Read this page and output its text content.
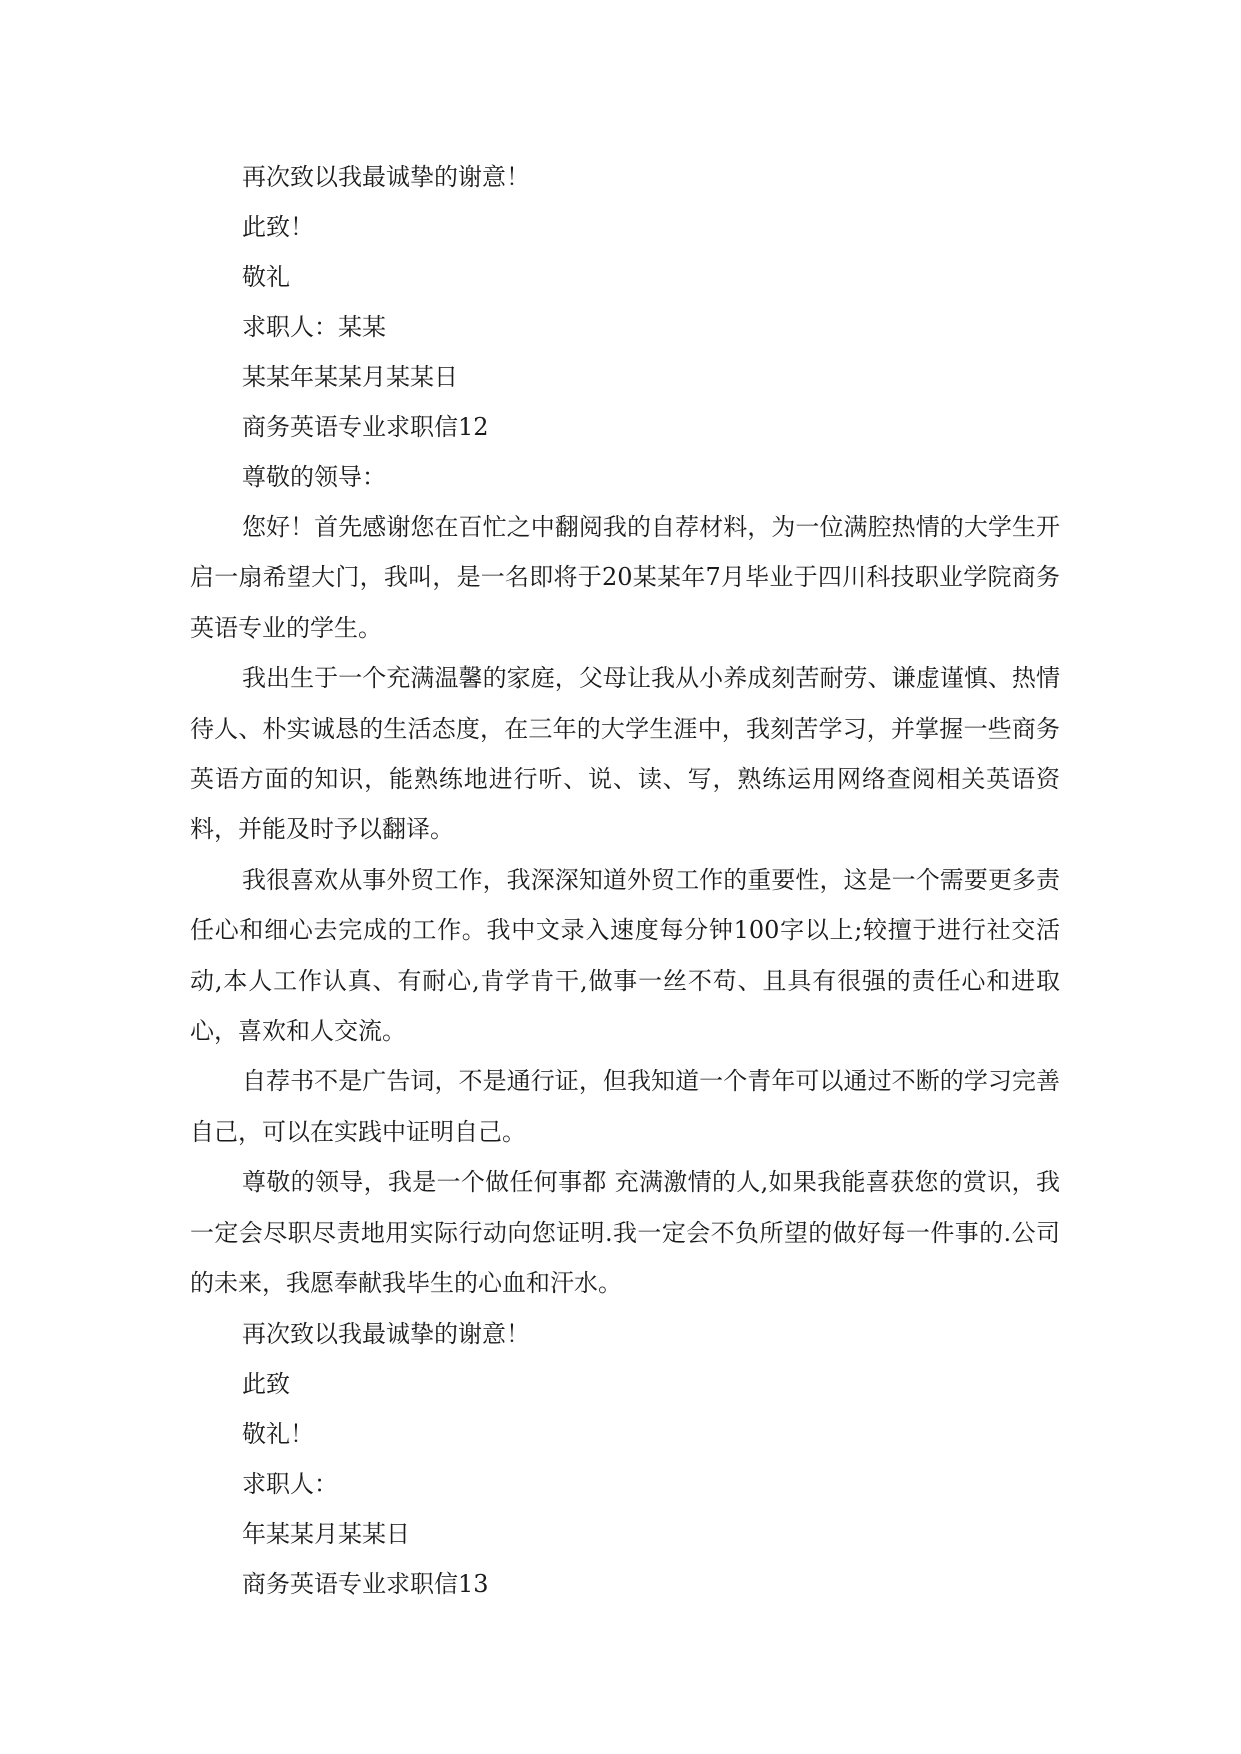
再次致以我最诚挚的谢意！
此致！
敬礼
求职人：某某
某某年某某月某某日
商务英语专业求职信12
尊敬的领导：

您好！首先感谢您在百忙之中翻阅我的自荐材料，为一位满腔热情的大学生开启一扇希望大门，我叫，是一名即将于20某某年7月毕业于四川科技职业学院商务英语专业的学生。

我出生于一个充满温馨的家庭，父母让我从小养成刻苦耐劳、谦虚谨慎、热情待人、朴实诚恳的生活态度，在三年的大学生涯中，我刻苦学习，并掌握一些商务英语方面的知识，能熟练地进行听、说、读、写，熟练运用网络查阅相关英语资料，并能及时予以翻译。

我很喜欢从事外贸工作，我深深知道外贸工作的重要性，这是一个需要更多责任心和细心去完成的工作。我中文录入速度每分钟100字以上;较擅于进行社交活动,本人工作认真、有耐心,肯学肯干,做事一丝不苟、且具有很强的责任心和进取心，喜欢和人交流。

自荐书不是广告词，不是通行证，但我知道一个青年可以通过不断的学习完善自己，可以在实践中证明自己。

尊敬的领导，我是一个做任何事都 充满激情的人,如果我能喜获您的赏识，我一定会尽职尽责地用实际行动向您证明.我一定会不负所望的做好每一件事的.公司的未来，我愿奉献我毕生的心血和汗水。

再次致以我最诚挚的谢意！
此致
敬礼！
求职人：
年某某月某某日
商务英语专业求职信13
